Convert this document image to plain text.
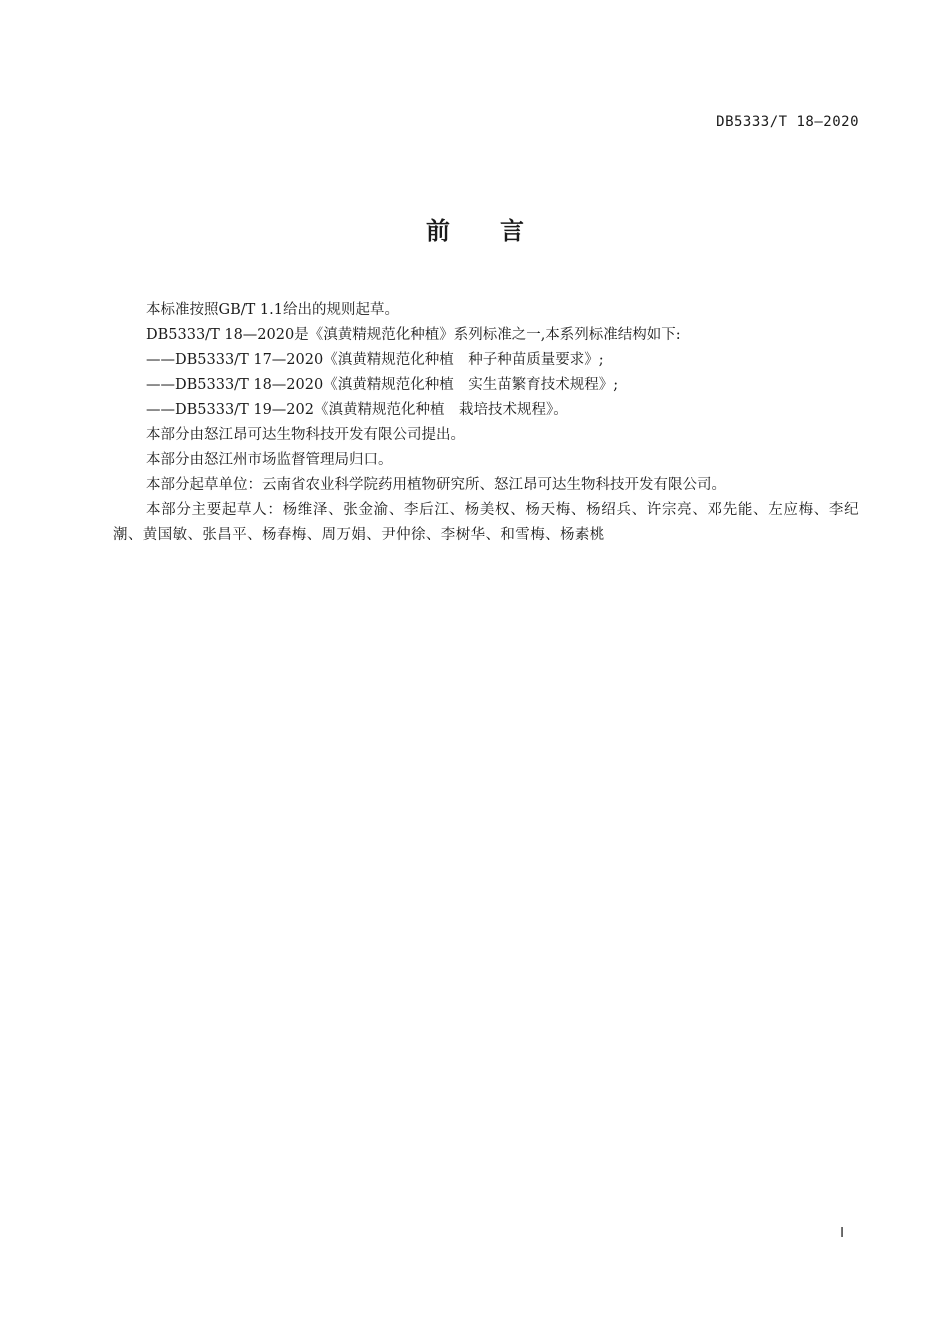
DB5333/T 18—2020
前 言

本标准按照GB/T 1.1给出的规则起草。

DB5333/T 18—2020是《滇黄精规范化种植》系列标准之一,本系列标准结构如下:

——DB5333/T 17—2020《滇黄精规范化种植　种子种苗质量要求》;

——DB5333/T 18—2020《滇黄精规范化种植　实生苗繁育技术规程》;

——DB5333/T 19—202《滇黄精规范化种植　栽培技术规程》。

本部分由怒江昂可达生物科技开发有限公司提出。

本部分由怒江州市场监督管理局归口。

本部分起草单位：云南省农业科学院药用植物研究所、怒江昂可达生物科技开发有限公司。

本部分主要起草人：杨维泽、张金渝、李后江、杨美权、杨天梅、杨绍兵、许宗亮、邓先能、左应梅、李纪潮、黄国敏、张昌平、杨春梅、周万娟、尹仲徐、李树华、和雪梅、杨素桃

I
